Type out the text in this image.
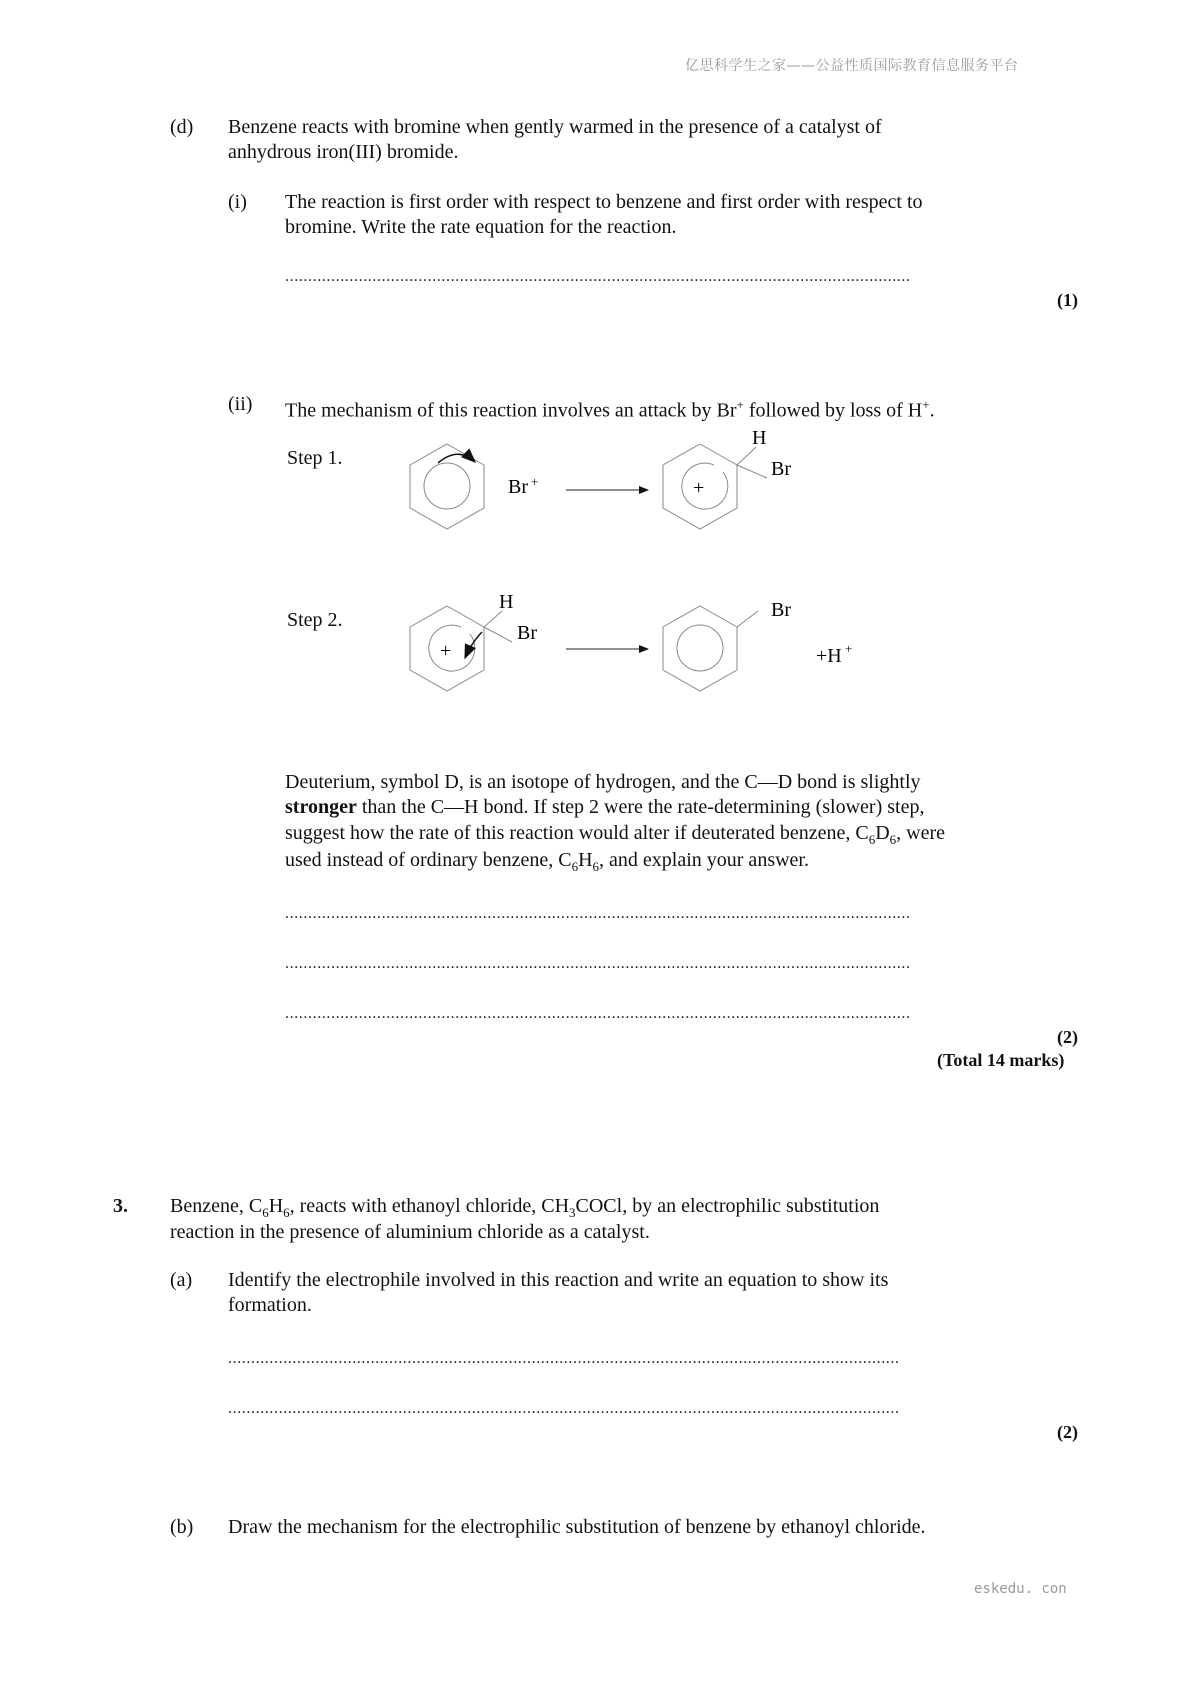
亿思科学生之家——公益性质国际教育信息服务平台
eskedu. con
(d) Benzene reacts with bromine when gently warmed in the presence of a catalyst of
anhydrous iron(III) bromide.
(i) The reaction is first order with respect to benzene and first order with respect to
bromine. Write the rate equation for the reaction.
........................................................................................................................................
(1)
(ii) The mechanism of this reaction involves an attack by Br+ followed by loss of H+.
Step 1.
Step 2.
Br +	+
H
Br
+
H
Br
Br
+H +
Deuterium, symbol D, is an isotope of hydrogen, and the C—D bond is slightly
stronger than the C—H bond. If step 2 were the rate-determining (slower) step,
suggest how the rate of this reaction would alter if deuterated benzene, $C_6D_6$, were
used instead of ordinary benzene, $C_6H_6$, and explain your answer.
........................................................................................................................................
........................................................................................................................................
........................................................................................................................................
(2)
(Total 14 marks)
3. Benzene, $C_6H_6$, reacts with ethanoyl chloride, $CH_3COCl$, by an electrophilic substitution
reaction in the presence of aluminium chloride as a catalyst.
(a) Identify the electrophile involved in this reaction and write an equation to show its
formation.
..................................................................................................................................................
..................................................................................................................................................
(2)
(b) Draw the mechanism for the electrophilic substitution of benzene by ethanoyl chloride.
